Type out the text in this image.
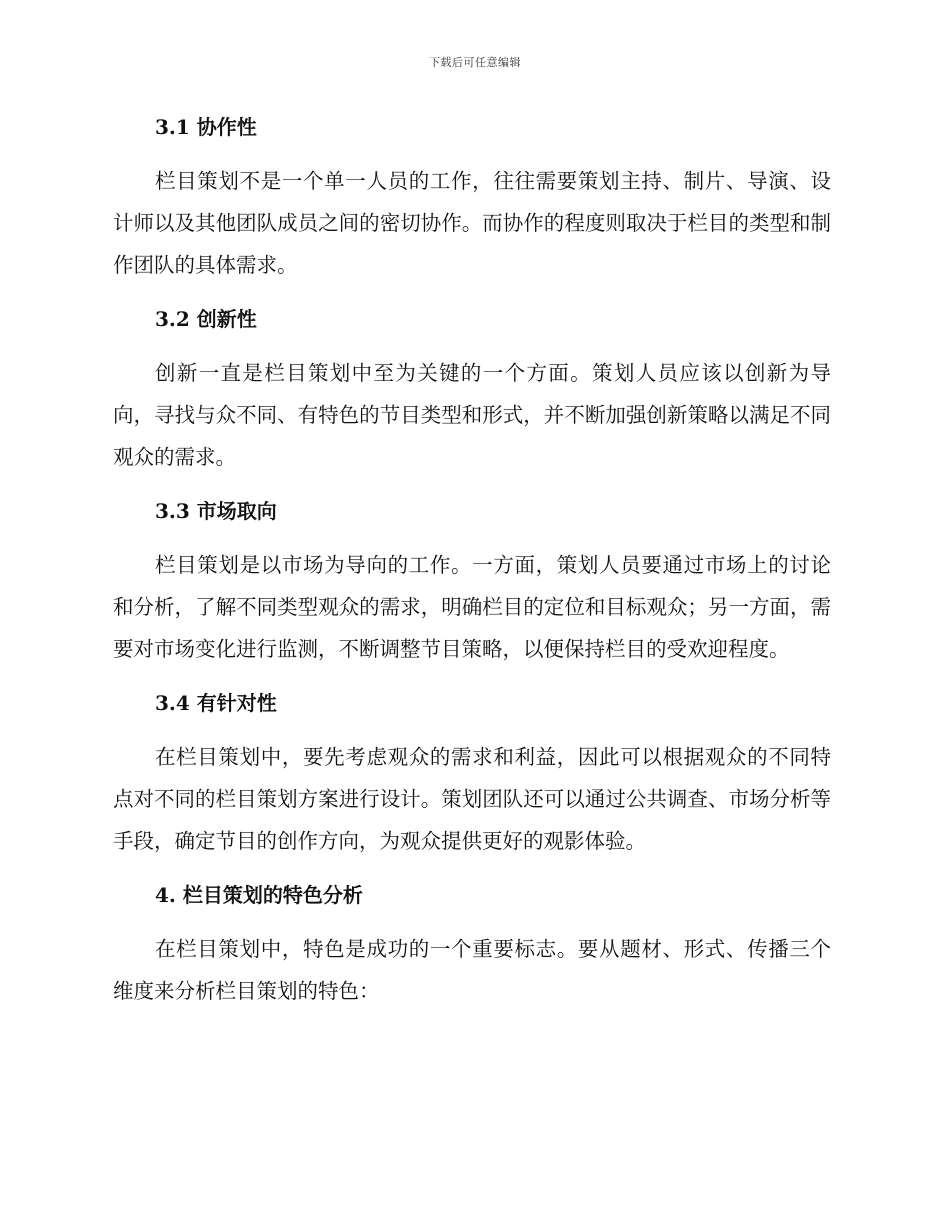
下载后可任意编辑
3.1 协作性

栏目策划不是一个单一人员的工作，往往需要策划主持、制片、导演、设计师以及其他团队成员之间的密切协作。而协作的程度则取决于栏目的类型和制作团队的具体需求。

3.2 创新性

创新一直是栏目策划中至为关键的一个方面。策划人员应该以创新为导向，寻找与众不同、有特色的节目类型和形式，并不断加强创新策略以满足不同观众的需求。

3.3 市场取向

栏目策划是以市场为导向的工作。一方面，策划人员要通过市场上的讨论和分析，了解不同类型观众的需求，明确栏目的定位和目标观众；另一方面，需要对市场变化进行监测，不断调整节目策略，以便保持栏目的受欢迎程度。

3.4 有针对性

在栏目策划中，要先考虑观众的需求和利益，因此可以根据观众的不同特点对不同的栏目策划方案进行设计。策划团队还可以通过公共调查、市场分析等手段，确定节目的创作方向，为观众提供更好的观影体验。

4. 栏目策划的特色分析

在栏目策划中，特色是成功的一个重要标志。要从题材、形式、传播三个维度来分析栏目策划的特色：
